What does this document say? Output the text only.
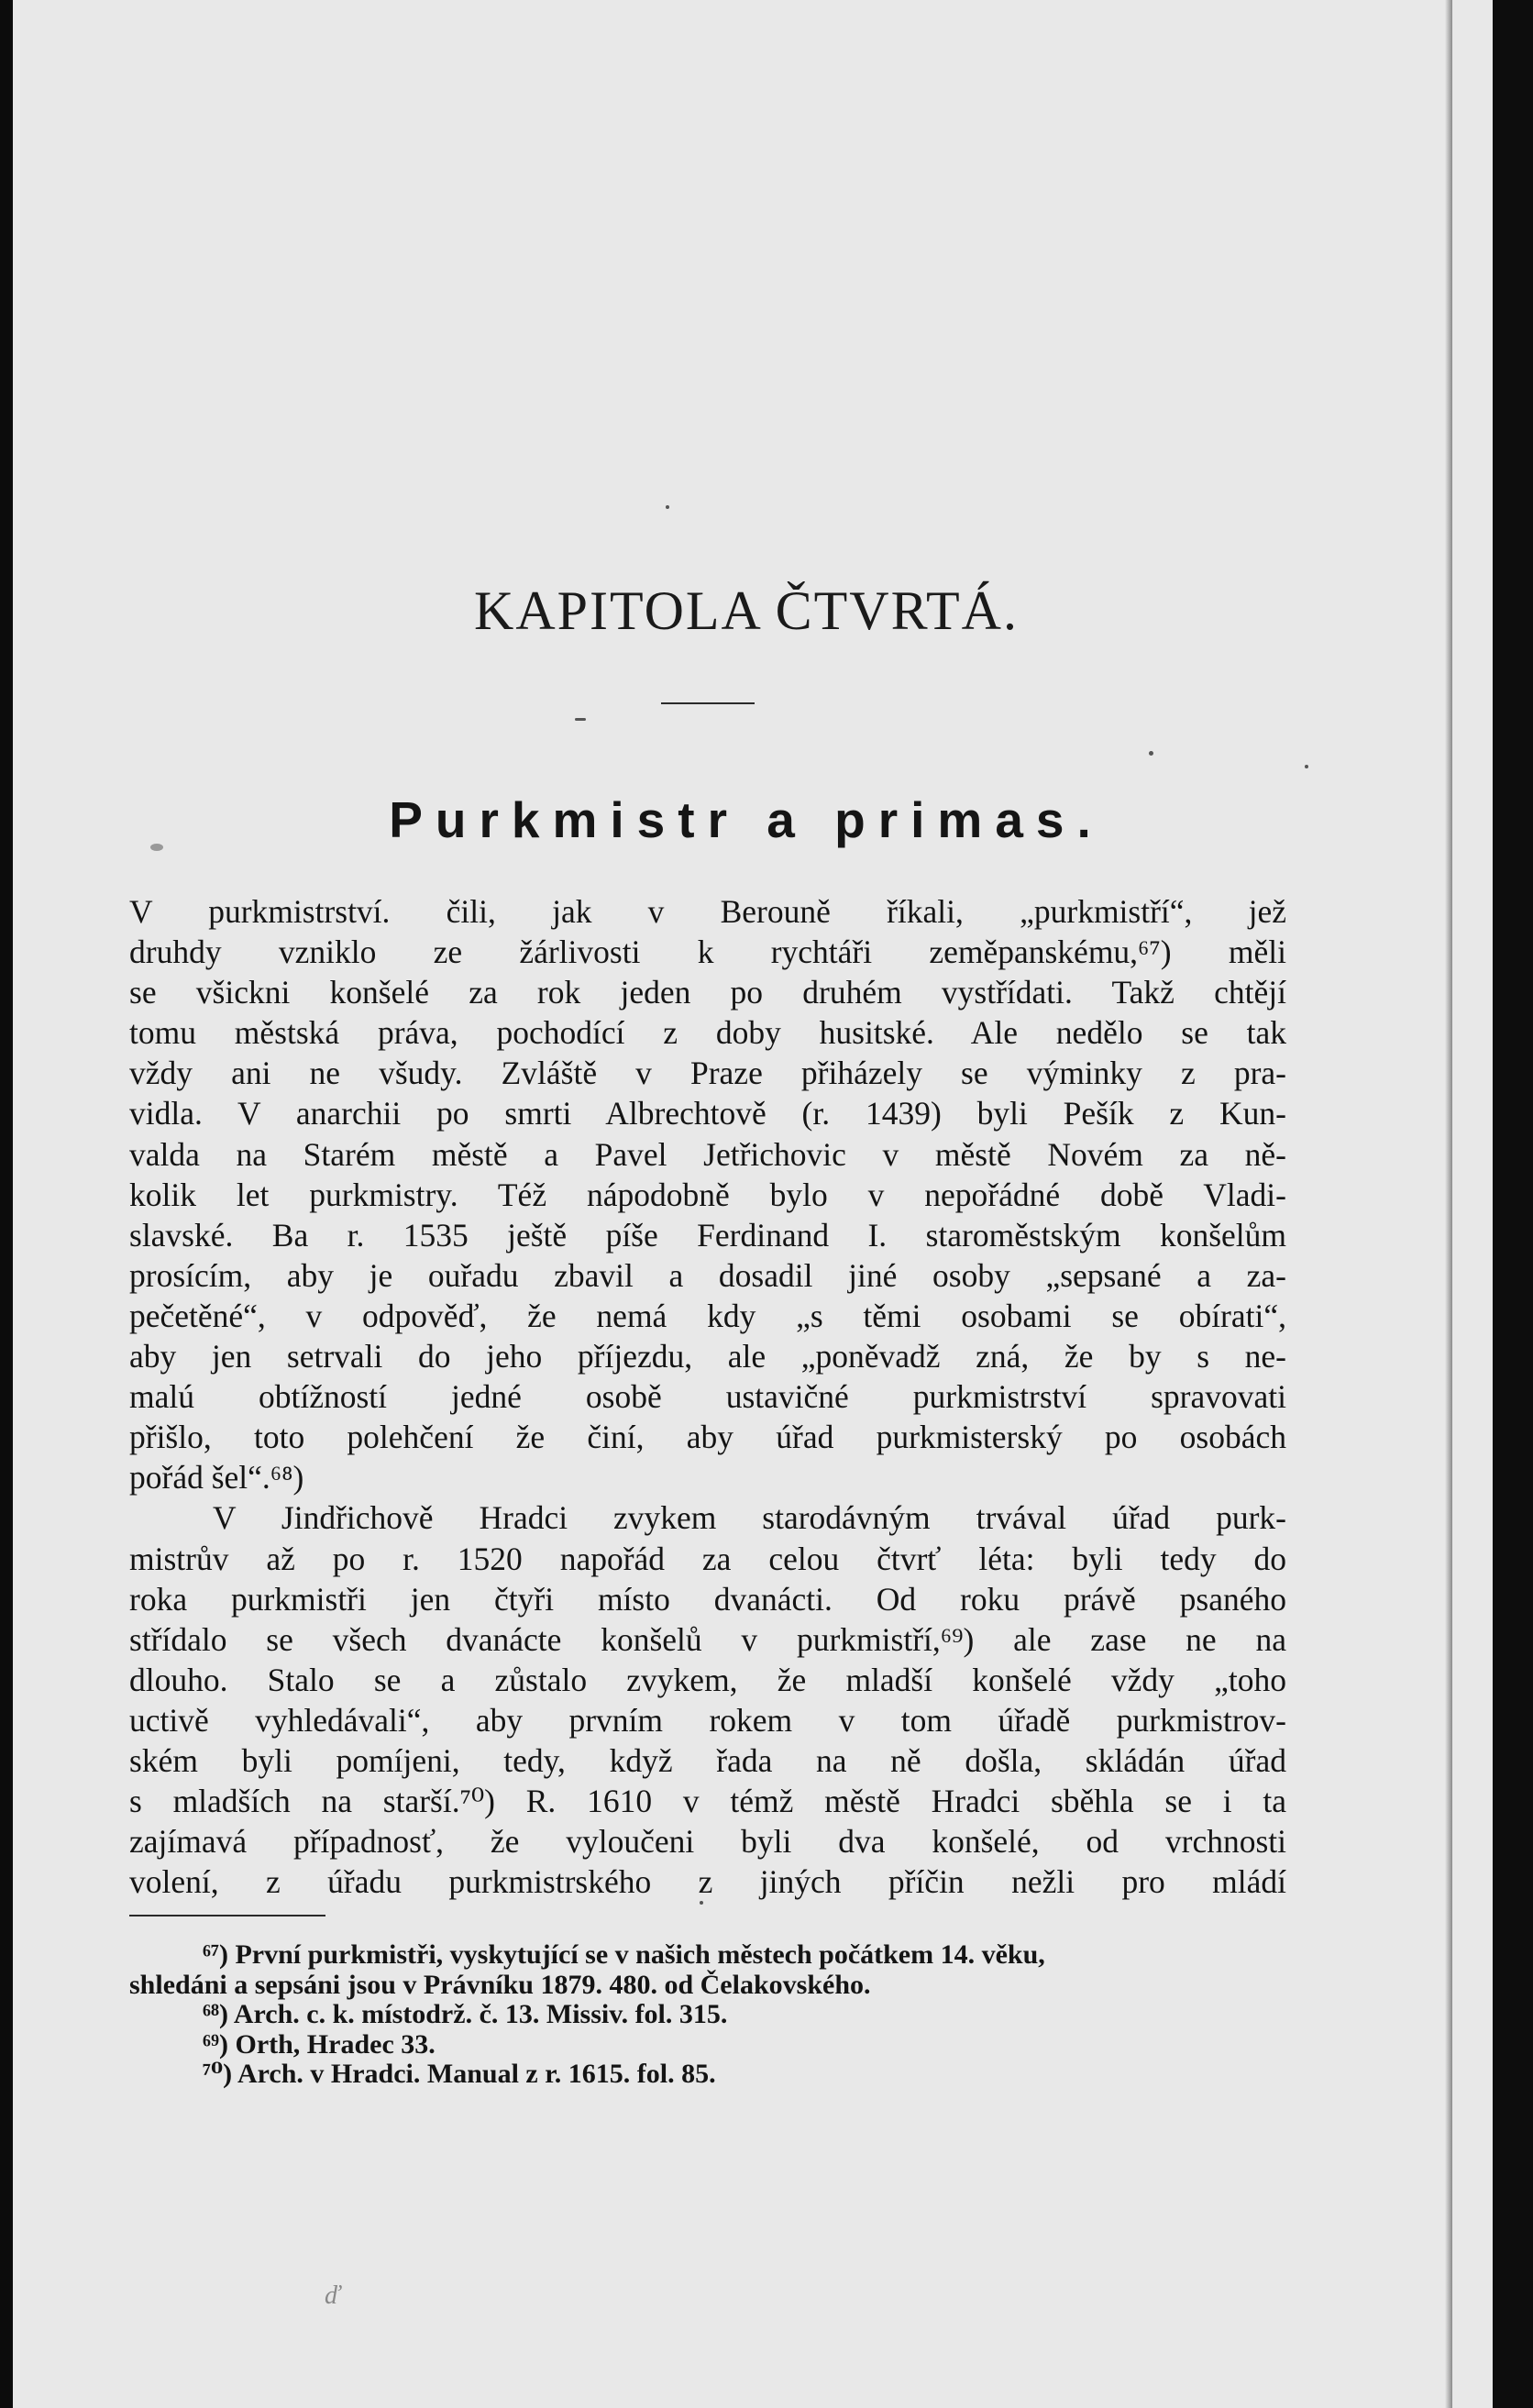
KAPITOLA ČTVRTÁ.
Purkmistr a primas.
V purkmistrství. čili, jak v Berouně říkali, „purkmistří“, jež
druhdy vzniklo ze žárlivosti k rychtáři zeměpanskému,⁶⁷) měli
se všickni konšelé za rok jeden po druhém vystřídati. Takž chtějí
tomu městská práva, pochodící z doby husitské. Ale nedělo se tak
vždy ani ne všudy. Zvláště v Praze přiházely se výminky z pra-
vidla. V anarchii po smrti Albrechtově (r. 1439) byli Pešík z Kun-
valda na Starém městě a Pavel Jetřichovic v městě Novém za ně-
kolik let purkmistry. Též nápodobně bylo v nepořádné době Vladi-
slavské. Ba r. 1535 ještě píše Ferdinand I. staroměstským konšelům
prosícím, aby je ouřadu zbavil a dosadil jiné osoby „sepsané a za-
pečetěné“, v odpověď, že nemá kdy „s těmi osobami se obírati“,
aby jen setrvali do jeho příjezdu, ale „poněvadž zná, že by s ne-
malú obtížností jedné osobě ustavičné purkmistrství spravovati
přišlo, toto polehčení že činí, aby úřad purkmisterský po osobách
pořád šel“.⁶⁸)
V Jindřichově Hradci zvykem starodávným trvával úřad purk-
mistrův až po r. 1520 napořád za celou čtvrť léta: byli tedy do
roka purkmistři jen čtyři místo dvanácti. Od roku právě psaného
střídalo se všech dvanácte konšelů v purkmistří,⁶⁹) ale zase ne na
dlouho. Stalo se a zůstalo zvykem, že mladší konšelé vždy „toho
uctivě vyhledávali“, aby prvním rokem v tom úřadě purkmistrov-
ském byli pomíjeni, tedy, když řada na ně došla, skládán úřad
s mladších na starší.⁷⁰) R. 1610 v témž městě Hradci sběhla se i ta
zajímavá případnosť, že vyloučeni byli dva konšelé, od vrchnosti
volení, z úřadu purkmistrského z jiných příčin nežli pro mládí
⁶⁷) První purkmistři, vyskytující se v našich městech počátkem 14. věku,
shledáni a sepsáni jsou v Právníku 1879. 480. od Čelakovského.
⁶⁸) Arch. c. k. místodrž. č. 13. Missiv. fol. 315.
⁶⁹) Orth, Hradec 33.
⁷⁰) Arch. v Hradci. Manual z r. 1615. fol. 85.
ď
